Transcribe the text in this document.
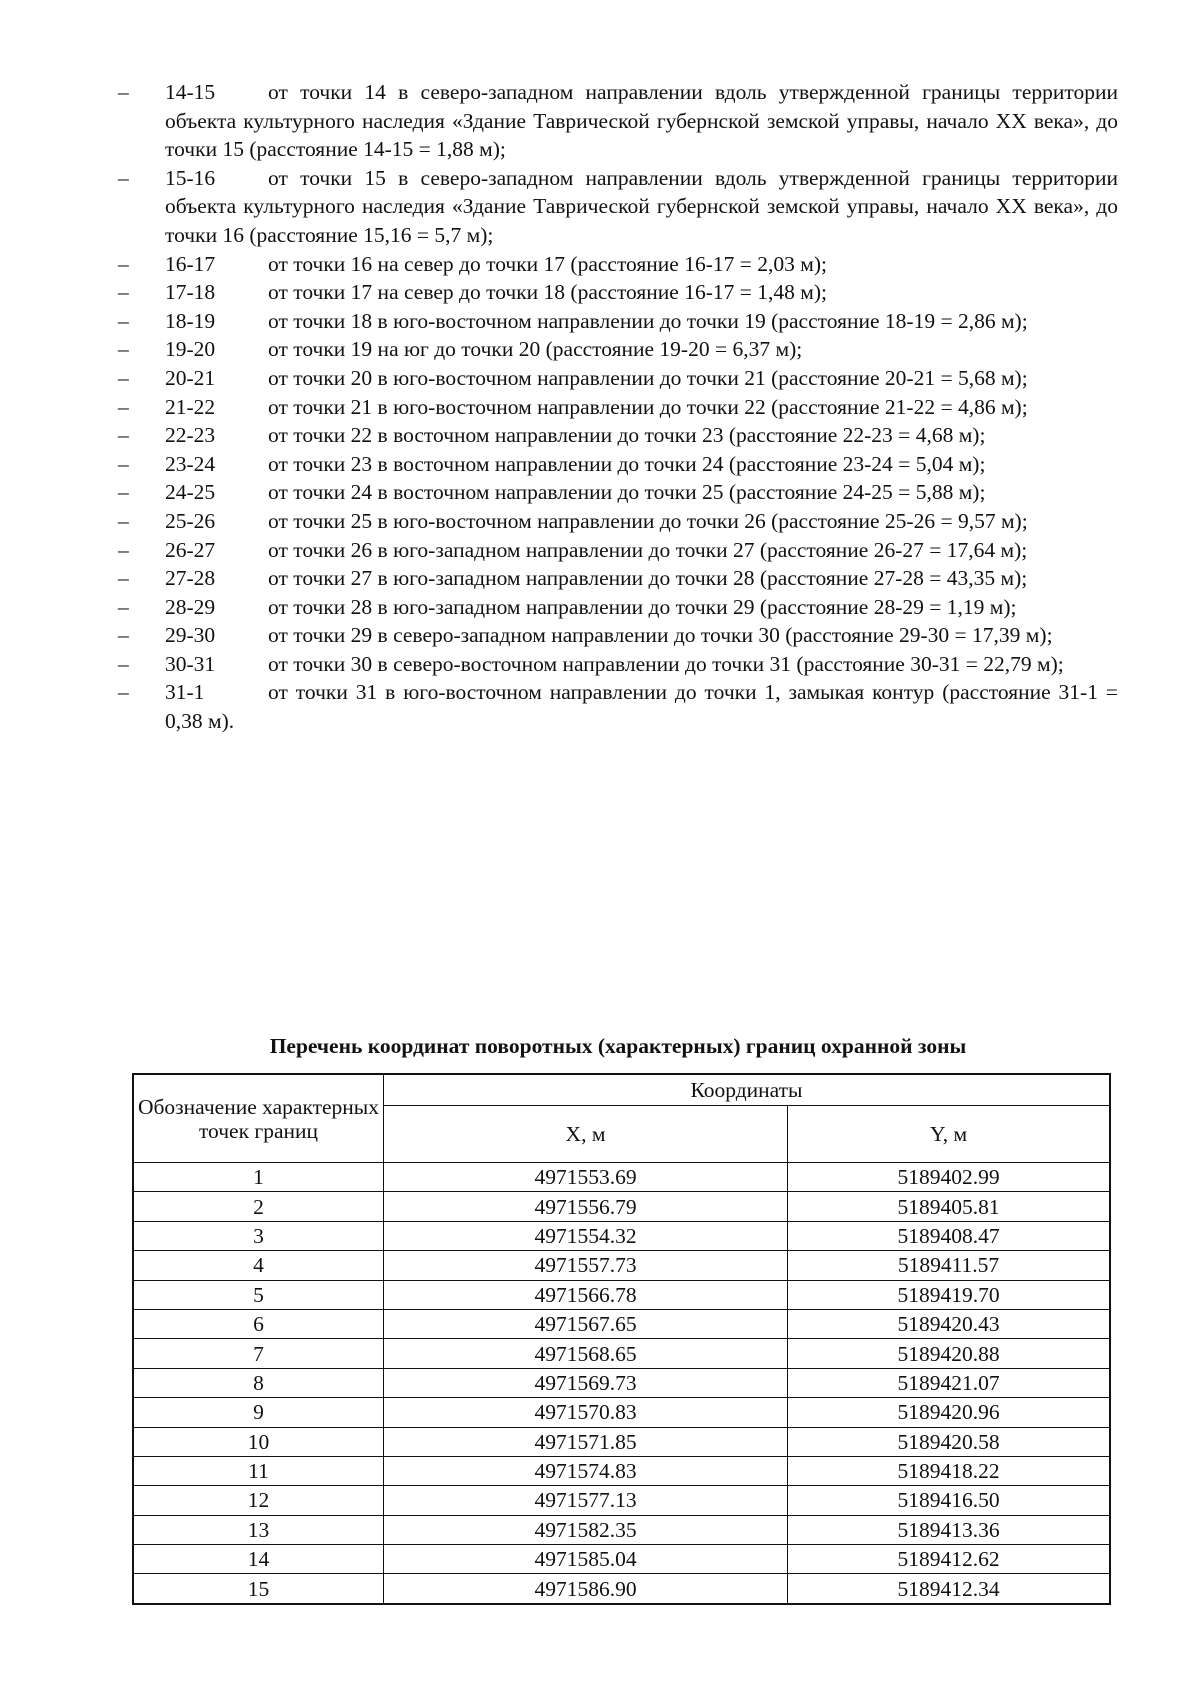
– 14-15 от точки 14 в северо-западном направлении вдоль утвержденной границы территории объекта культурного наследия «Здание Таврической губернской земской управы, начало XX века», до точки 15 (расстояние 14-15 = 1,88 м);
– 15-16 от точки 15 в северо-западном направлении вдоль утвержденной границы территории объекта культурного наследия «Здание Таврической губернской земской управы, начало XX века», до точки 16 (расстояние 15,16 = 5,7 м);
– 16-17 от точки 16 на север до точки 17 (расстояние 16-17 = 2,03 м);
– 17-18 от точки 17 на север до точки 18 (расстояние 16-17 = 1,48 м);
– 18-19 от точки 18 в юго-восточном направлении до точки 19 (расстояние 18-19 = 2,86 м);
– 19-20 от точки 19 на юг до точки 20 (расстояние 19-20 = 6,37 м);
– 20-21 от точки 20 в юго-восточном направлении до точки 21 (расстояние 20-21 = 5,68 м);
– 21-22 от точки 21 в юго-восточном направлении до точки 22 (расстояние 21-22 = 4,86 м);
– 22-23 от точки 22 в восточном направлении до точки 23 (расстояние 22-23 = 4,68 м);
– 23-24 от точки 23 в восточном направлении до точки 24 (расстояние 23-24 = 5,04 м);
– 24-25 от точки 24 в восточном направлении до точки 25 (расстояние 24-25 = 5,88 м);
– 25-26 от точки 25 в юго-восточном направлении до точки 26 (расстояние 25-26 = 9,57 м);
– 26-27 от точки 26 в юго-западном направлении до точки 27 (расстояние 26-27 = 17,64 м);
– 27-28 от точки 27 в юго-западном направлении до точки 28 (расстояние 27-28 = 43,35 м);
– 28-29 от точки 28 в юго-западном направлении до точки 29 (расстояние 28-29 = 1,19 м);
– 29-30 от точки 29 в северо-западном направлении до точки 30 (расстояние 29-30 = 17,39 м);
– 30-31 от точки 30 в северо-восточном направлении до точки 31 (расстояние 30-31 = 22,79 м);
– 31-1	от точки 31 в юго-восточном направлении до точки 1, замыкая контур (расстояние 31-1 = 0,38 м).
Перечень координат поворотных (характерных) границ охранной зоны
Обозначение характерных точек границ	Координаты	
	X, м	Y, м
1	4971553.69	5189402.99
2	4971556.79	5189405.81
3	4971554.32	5189408.47
4	4971557.73	5189411.57
5	4971566.78	5189419.70
6	4971567.65	5189420.43
7	4971568.65	5189420.88
8	4971569.73	5189421.07
9	4971570.83	5189420.96
10	4971571.85	5189420.58
11	4971574.83	5189418.22
12	4971577.13	5189416.50
13	4971582.35	5189413.36
14	4971585.04	5189412.62
15	4971586.90	5189412.34
